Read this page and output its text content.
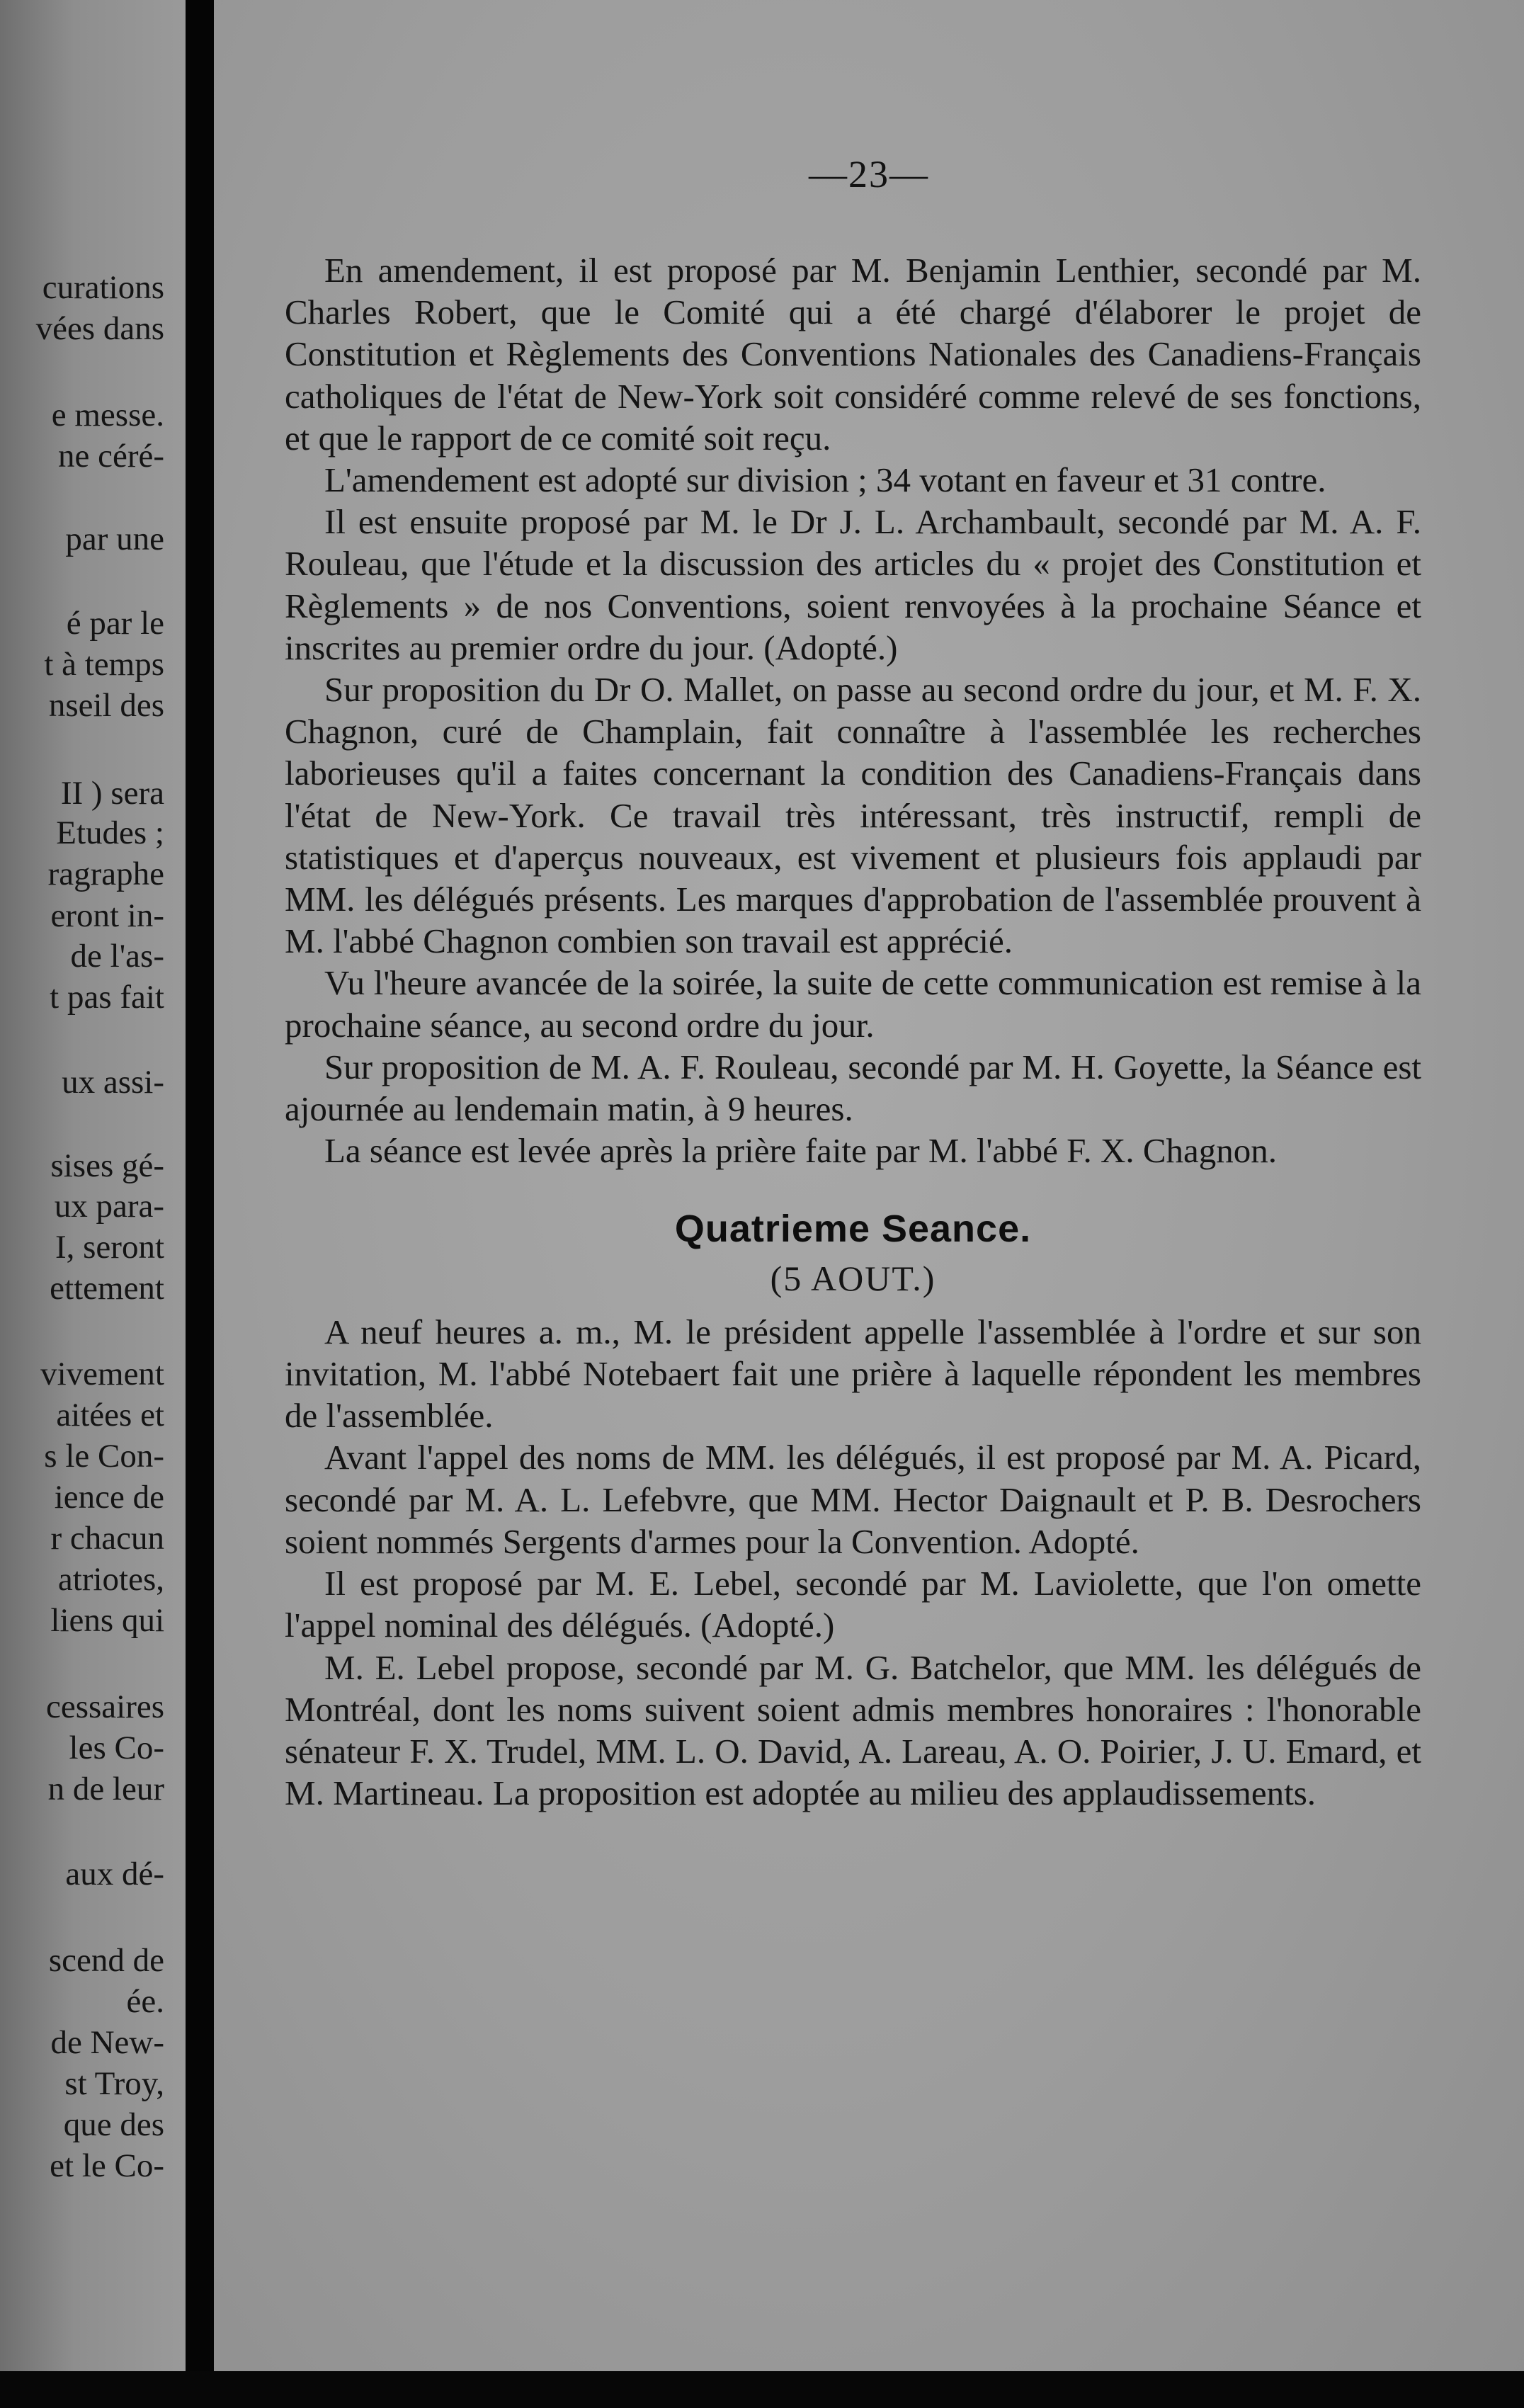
curations
vées dans
e messe.
ne céré-
par une
é par le
t à temps
nseil des
II ) sera
Etudes ;
ragraphe
eront in-
de l'as-
t pas fait
ux assi-
sises gé-
ux para-
I, seront
ettement
vivement
aitées et
s le Con-
ience de
r chacun
atriotes,
liens qui
cessaires
les Co-
n de leur
aux dé-
scend de
ée.
de New-
st Troy,
que des
et le Co-
—23—

En amendement, il est proposé par M. Benjamin Lenthier, secondé par M. Charles Robert, que le Comité qui a été chargé d'élaborer le projet de Constitution et Règlements des Conventions Nationales des Canadiens-Français catholiques de l'état de New-York soit considéré comme relevé de ses fonctions, et que le rapport de ce comité soit reçu.

L'amendement est adopté sur division ; 34 votant en faveur et 31 contre.

Il est ensuite proposé par M. le Dr J. L. Archambault, secondé par M. A. F. Rouleau, que l'étude et la discussion des articles du « projet des Constitution et Règlements » de nos Conventions, soient renvoyées à la prochaine Séance et inscrites au premier ordre du jour. (Adopté.)

Sur proposition du Dr O. Mallet, on passe au second ordre du jour, et M. F. X. Chagnon, curé de Champlain, fait connaître à l'assemblée les recherches laborieuses qu'il a faites concernant la condition des Canadiens-Français dans l'état de New-York. Ce travail très intéressant, très instructif, rempli de statistiques et d'aperçus nouveaux, est vivement et plusieurs fois applaudi par MM. les délégués présents. Les marques d'approbation de l'assemblée prouvent à M. l'abbé Chagnon combien son travail est apprécié.

Vu l'heure avancée de la soirée, la suite de cette communication est remise à la prochaine séance, au second ordre du jour.

Sur proposition de M. A. F. Rouleau, secondé par M. H. Goyette, la Séance est ajournée au lendemain matin, à 9 heures.

La séance est levée après la prière faite par M. l'abbé F. X. Chagnon.

Quatrieme Seance.
(5 AOUT.)

A neuf heures a. m., M. le président appelle l'assemblée à l'ordre et sur son invitation, M. l'abbé Notebaert fait une prière à laquelle répondent les membres de l'assemblée.

Avant l'appel des noms de MM. les délégués, il est proposé par M. A. Picard, secondé par M. A. L. Lefebvre, que MM. Hector Daignault et P. B. Desrochers soient nommés Sergents d'armes pour la Convention. Adopté.

Il est proposé par M. E. Lebel, secondé par M. Laviolette, que l'on omette l'appel nominal des délégués. (Adopté.)

M. E. Lebel propose, secondé par M. G. Batchelor, que MM. les délégués de Montréal, dont les noms suivent soient admis membres honoraires : l'honorable sénateur F. X. Trudel, MM. L. O. David, A. Lareau, A. O. Poirier, J. U. Emard, et M. Martineau. La proposition est adoptée au milieu des applaudissements.
